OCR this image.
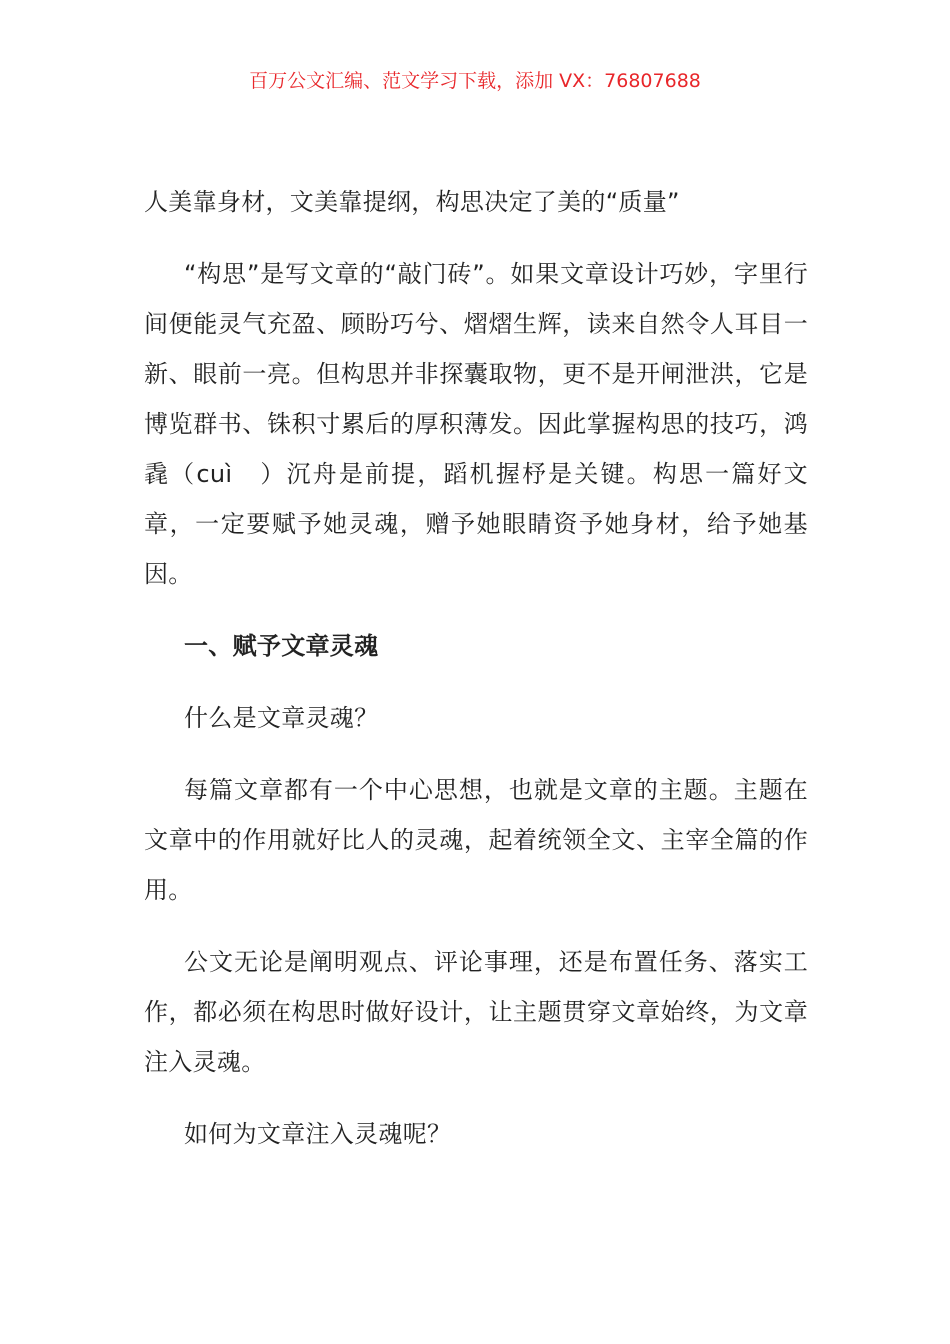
百万公文汇编、范文学习下载，添加 VX：76807688

人美靠身材，文美靠提纲，构思决定了美的“质量”

“构思”是写文章的“敲门砖”。如果文章设计巧妙，字里行间便能灵气充盈、顾盼巧兮、熠熠生辉，读来自然令人耳目一新、眼前一亮。但构思并非探囊取物，更不是开闸泄洪，它是博览群书、铢积寸累后的厚积薄发。因此掌握构思的技巧，鸿毳（cuì　）沉舟是前提，蹈机握杼是关键。构思一篇好文章，一定要赋予她灵魂，赠予她眼睛资予她身材，给予她基因。

一、赋予文章灵魂

什么是文章灵魂？

每篇文章都有一个中心思想，也就是文章的主题。主题在文章中的作用就好比人的灵魂，起着统领全文、主宰全篇的作用。

公文无论是阐明观点、评论事理，还是布置任务、落实工作，都必须在构思时做好设计，让主题贯穿文章始终，为文章注入灵魂。

如何为文章注入灵魂呢？
